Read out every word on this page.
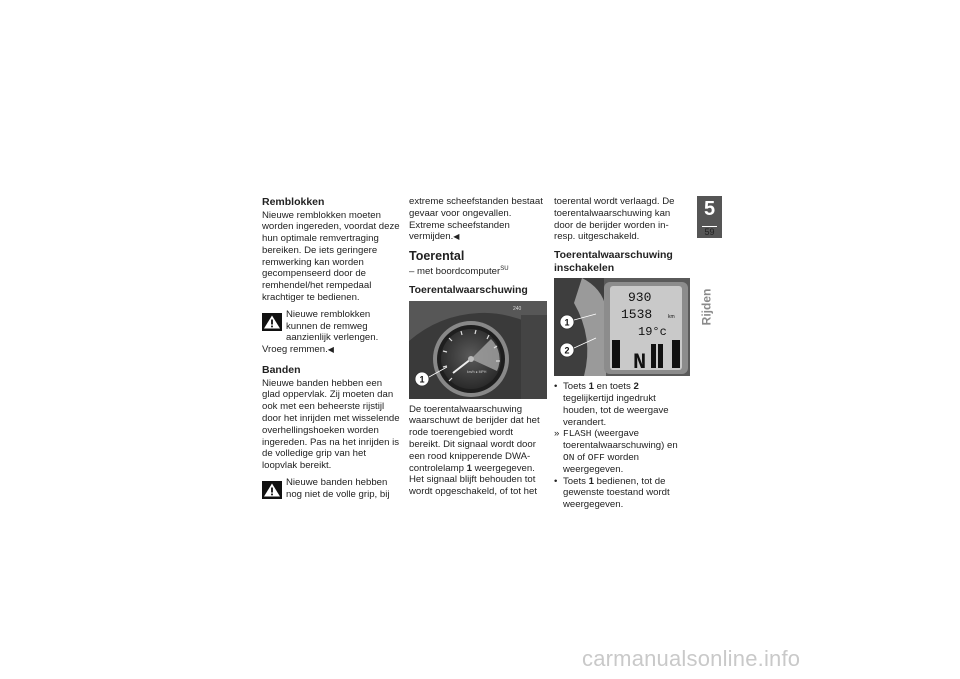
Remblokken

Nieuwe remblokken moeten worden ingereden, voordat deze hun optimale remvertraging bereiken. De iets geringere remwerking kan worden gecompenseerd door de remhendel/het rempedaal krachtiger te bedienen.

Nieuwe remblokken kunnen de remweg aanzienlijk verlengen.

Vroeg remmen.◀

Banden

Nieuwe banden hebben een glad oppervlak. Zij moeten dan ook met een beheerste rijstijl door het inrijden met wisselende overhellingshoeken worden ingereden. Pas na het inrijden is de volledige grip van het loopvlak bereikt.

Nieuwe banden hebben nog niet de volle grip, bij

extreme scheefstanden bestaat gevaar voor ongevallen. Extreme scheefstanden vermijden.◀

Toerental

– met boordcomputer$^{SU}$

Toerentalwaarschuwing
km/h ● MPH
240
1

De toerentalwaarschuwing waarschuwt de berijder dat het rode toerengebied wordt bereikt. Dit signaal wordt door een rood knipperende DWA-controlelamp 1 weergegeven. Het signaal blijft behouden tot wordt opgeschakeld, of tot het

toerental wordt verlaagd. De toerentalwaarschuwing kan door de berijder worden in- resp. uitgeschakeld.

Toerentalwaarschuwing inschakelen
930
1538	km
19°c
N
1
2
• Toets 1 en toets 2 tegelijkertijd ingedrukt houden, tot de weergave verandert.
» FLASH (weergave toerentalwaarschuwing) en ON of OFF worden weergegeven.
• Toets 1 bedienen, tot de gewenste toestand wordt weergegeven.
5
59
Rijden
carmanualsonline.info
